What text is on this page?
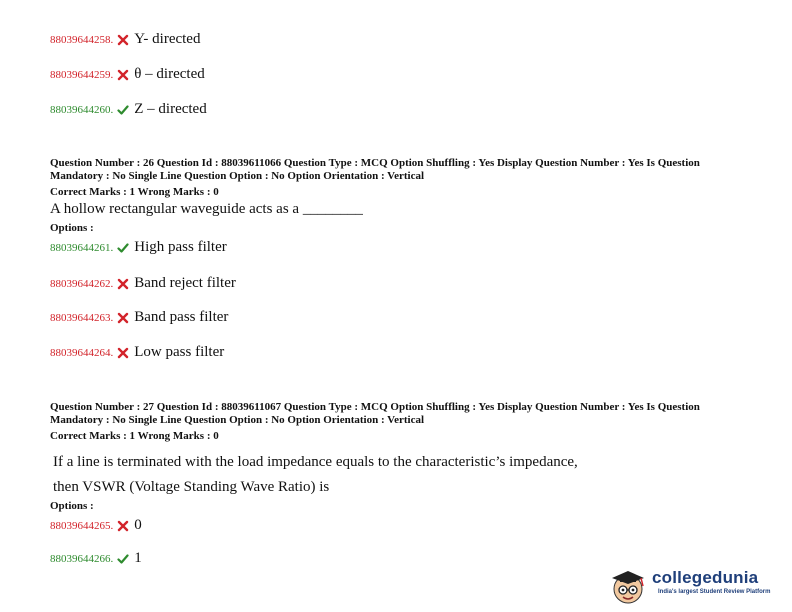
88039644258. Y- directed
88039644259. θ – directed
88039644260. Z – directed
Question Number : 26 Question Id : 88039611066 Question Type : MCQ Option Shuffling : Yes Display Question Number : Yes Is Question
Mandatory : No Single Line Question Option : No Option Orientation : Vertical
Correct Marks : 1 Wrong Marks : 0
A hollow rectangular waveguide acts as a ________
Options :
88039644261. High pass filter
88039644262. Band reject filter
88039644263. Band pass filter
88039644264. Low pass filter
Question Number : 27 Question Id : 88039611067 Question Type : MCQ Option Shuffling : Yes Display Question Number : Yes Is Question
Mandatory : No Single Line Question Option : No Option Orientation : Vertical
Correct Marks : 1 Wrong Marks : 0
If a line is terminated with the load impedance equals to the characteristic’s impedance,
then VSWR (Voltage Standing Wave Ratio) is
Options :
88039644265. 0
88039644266. 1
collegedunia
India's largest Student Review Platform
